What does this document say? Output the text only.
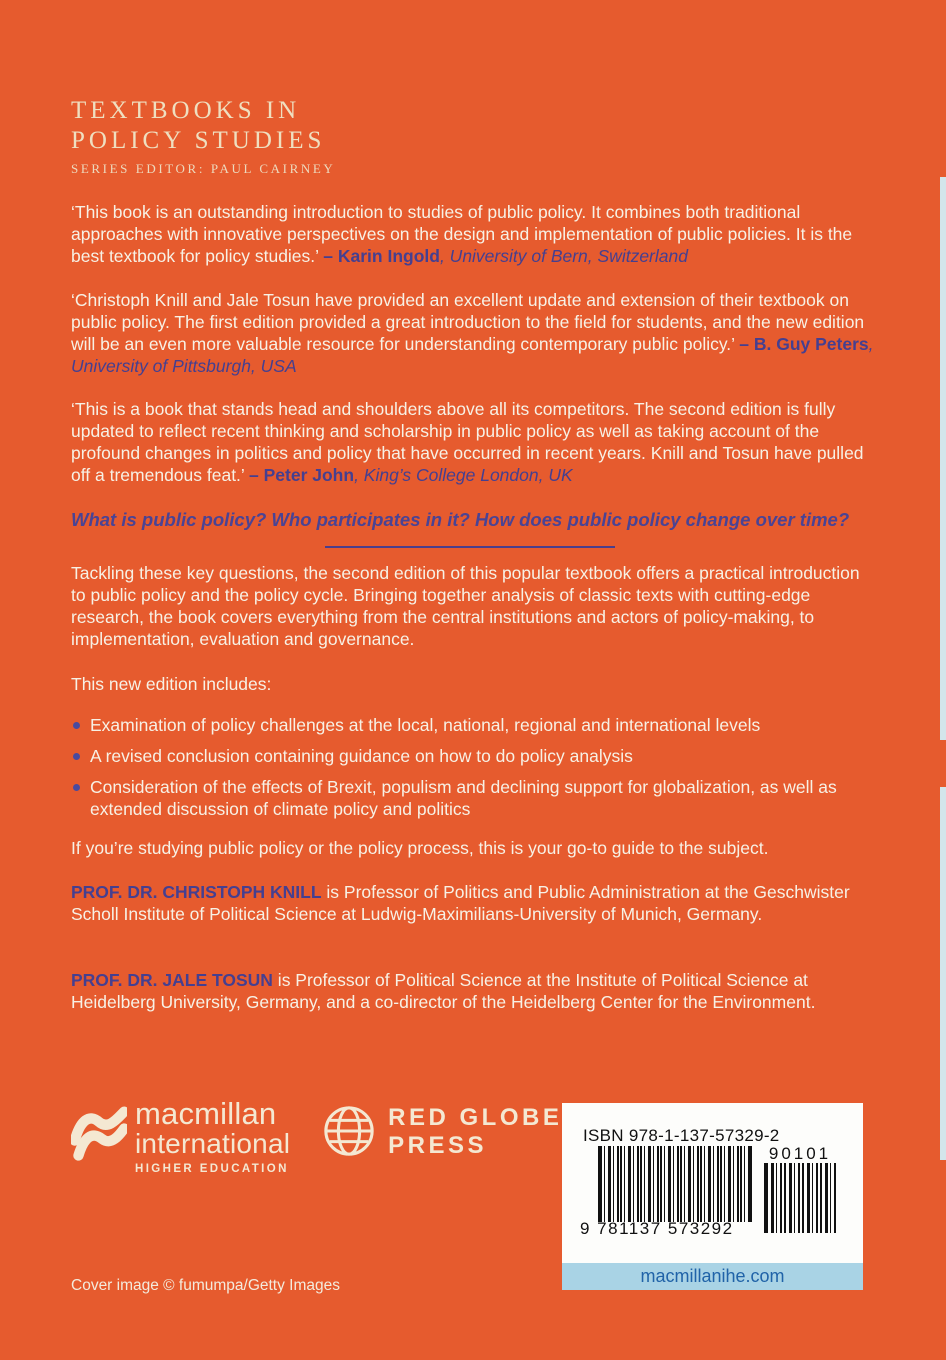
TEXTBOOKS IN
POLICY STUDIES
SERIES EDITOR: PAUL CAIRNEY
‘This book is an outstanding introduction to studies of public policy. It combines both traditional approaches with innovative perspectives on the design and implementation of public policies. It is the best textbook for policy studies.’ – Karin Ingold, University of Bern, Switzerland
‘Christoph Knill and Jale Tosun have provided an excellent update and extension of their textbook on public policy. The first edition provided a great introduction to the field for students, and the new edition will be an even more valuable resource for understanding contemporary public policy.’ – B. Guy Peters, University of Pittsburgh, USA
‘This is a book that stands head and shoulders above all its competitors. The second edition is fully updated to reflect recent thinking and scholarship in public policy as well as taking account of the profound changes in politics and policy that have occurred in recent years. Knill and Tosun have pulled off a tremendous feat.’ – Peter John, King’s College London, UK
What is public policy? Who participates in it? How does public policy change over time?

Tackling these key questions, the second edition of this popular textbook offers a practical introduction to public policy and the policy cycle. Bringing together analysis of classic texts with cutting-edge research, the book covers everything from the central institutions and actors of policy-making, to implementation, evaluation and governance.

This new edition includes:

Examination of policy challenges at the local, national, regional and international levels
A revised conclusion containing guidance on how to do policy analysis
Consideration of the effects of Brexit, populism and declining support for globalization, as well as extended discussion of climate policy and politics

If you’re studying public policy or the policy process, this is your go-to guide to the subject.

PROF. DR. CHRISTOPH KNILL is Professor of Politics and Public Administration at the Geschwister Scholl Institute of Political Science at Ludwig-Maximilians-University of Munich, Germany.

PROF. DR. JALE TOSUN is Professor of Political Science at the Institute of Political Science at Heidelberg University, Germany, and a co-director of the Heidelberg Center for the Environment.

macmillan
international
HIGHER EDUCATION
RED GLOBE
PRESS	ISBN 978-1-137-57329-2
9 781137 573292
90101
macmillanihe.com

Cover image © fumumpa/Getty Images
